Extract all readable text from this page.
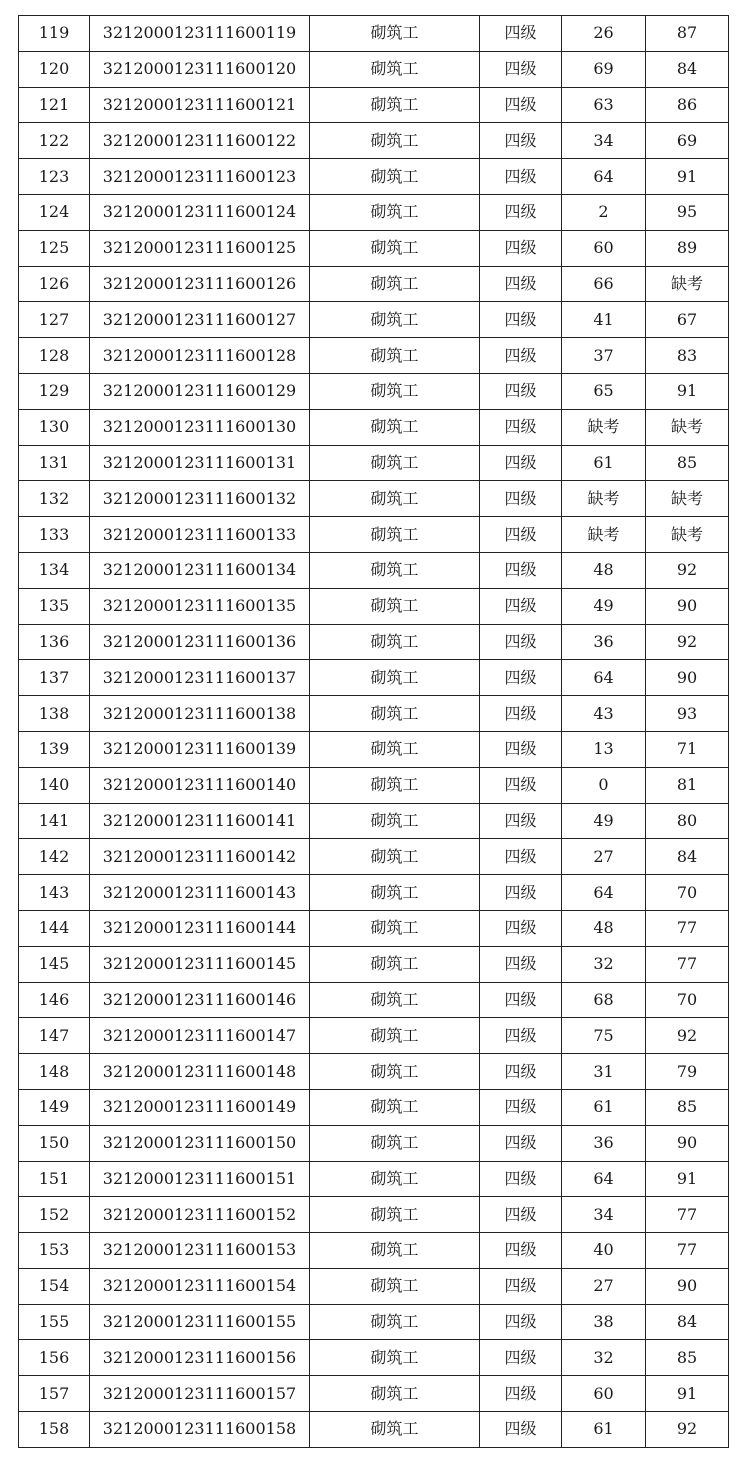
119	3212000123111600119	砌筑工	四级	26	87
120	3212000123111600120	砌筑工	四级	69	84
121	3212000123111600121	砌筑工	四级	63	86
122	3212000123111600122	砌筑工	四级	34	69
123	3212000123111600123	砌筑工	四级	64	91
124	3212000123111600124	砌筑工	四级	2	95
125	3212000123111600125	砌筑工	四级	60	89
126	3212000123111600126	砌筑工	四级	66	缺考
127	3212000123111600127	砌筑工	四级	41	67
128	3212000123111600128	砌筑工	四级	37	83
129	3212000123111600129	砌筑工	四级	65	91
130	3212000123111600130	砌筑工	四级	缺考	缺考
131	3212000123111600131	砌筑工	四级	61	85
132	3212000123111600132	砌筑工	四级	缺考	缺考
133	3212000123111600133	砌筑工	四级	缺考	缺考
134	3212000123111600134	砌筑工	四级	48	92
135	3212000123111600135	砌筑工	四级	49	90
136	3212000123111600136	砌筑工	四级	36	92
137	3212000123111600137	砌筑工	四级	64	90
138	3212000123111600138	砌筑工	四级	43	93
139	3212000123111600139	砌筑工	四级	13	71
140	3212000123111600140	砌筑工	四级	0	81
141	3212000123111600141	砌筑工	四级	49	80
142	3212000123111600142	砌筑工	四级	27	84
143	3212000123111600143	砌筑工	四级	64	70
144	3212000123111600144	砌筑工	四级	48	77
145	3212000123111600145	砌筑工	四级	32	77
146	3212000123111600146	砌筑工	四级	68	70
147	3212000123111600147	砌筑工	四级	75	92
148	3212000123111600148	砌筑工	四级	31	79
149	3212000123111600149	砌筑工	四级	61	85
150	3212000123111600150	砌筑工	四级	36	90
151	3212000123111600151	砌筑工	四级	64	91
152	3212000123111600152	砌筑工	四级	34	77
153	3212000123111600153	砌筑工	四级	40	77
154	3212000123111600154	砌筑工	四级	27	90
155	3212000123111600155	砌筑工	四级	38	84
156	3212000123111600156	砌筑工	四级	32	85
157	3212000123111600157	砌筑工	四级	60	91
158	3212000123111600158	砌筑工	四级	61	92
